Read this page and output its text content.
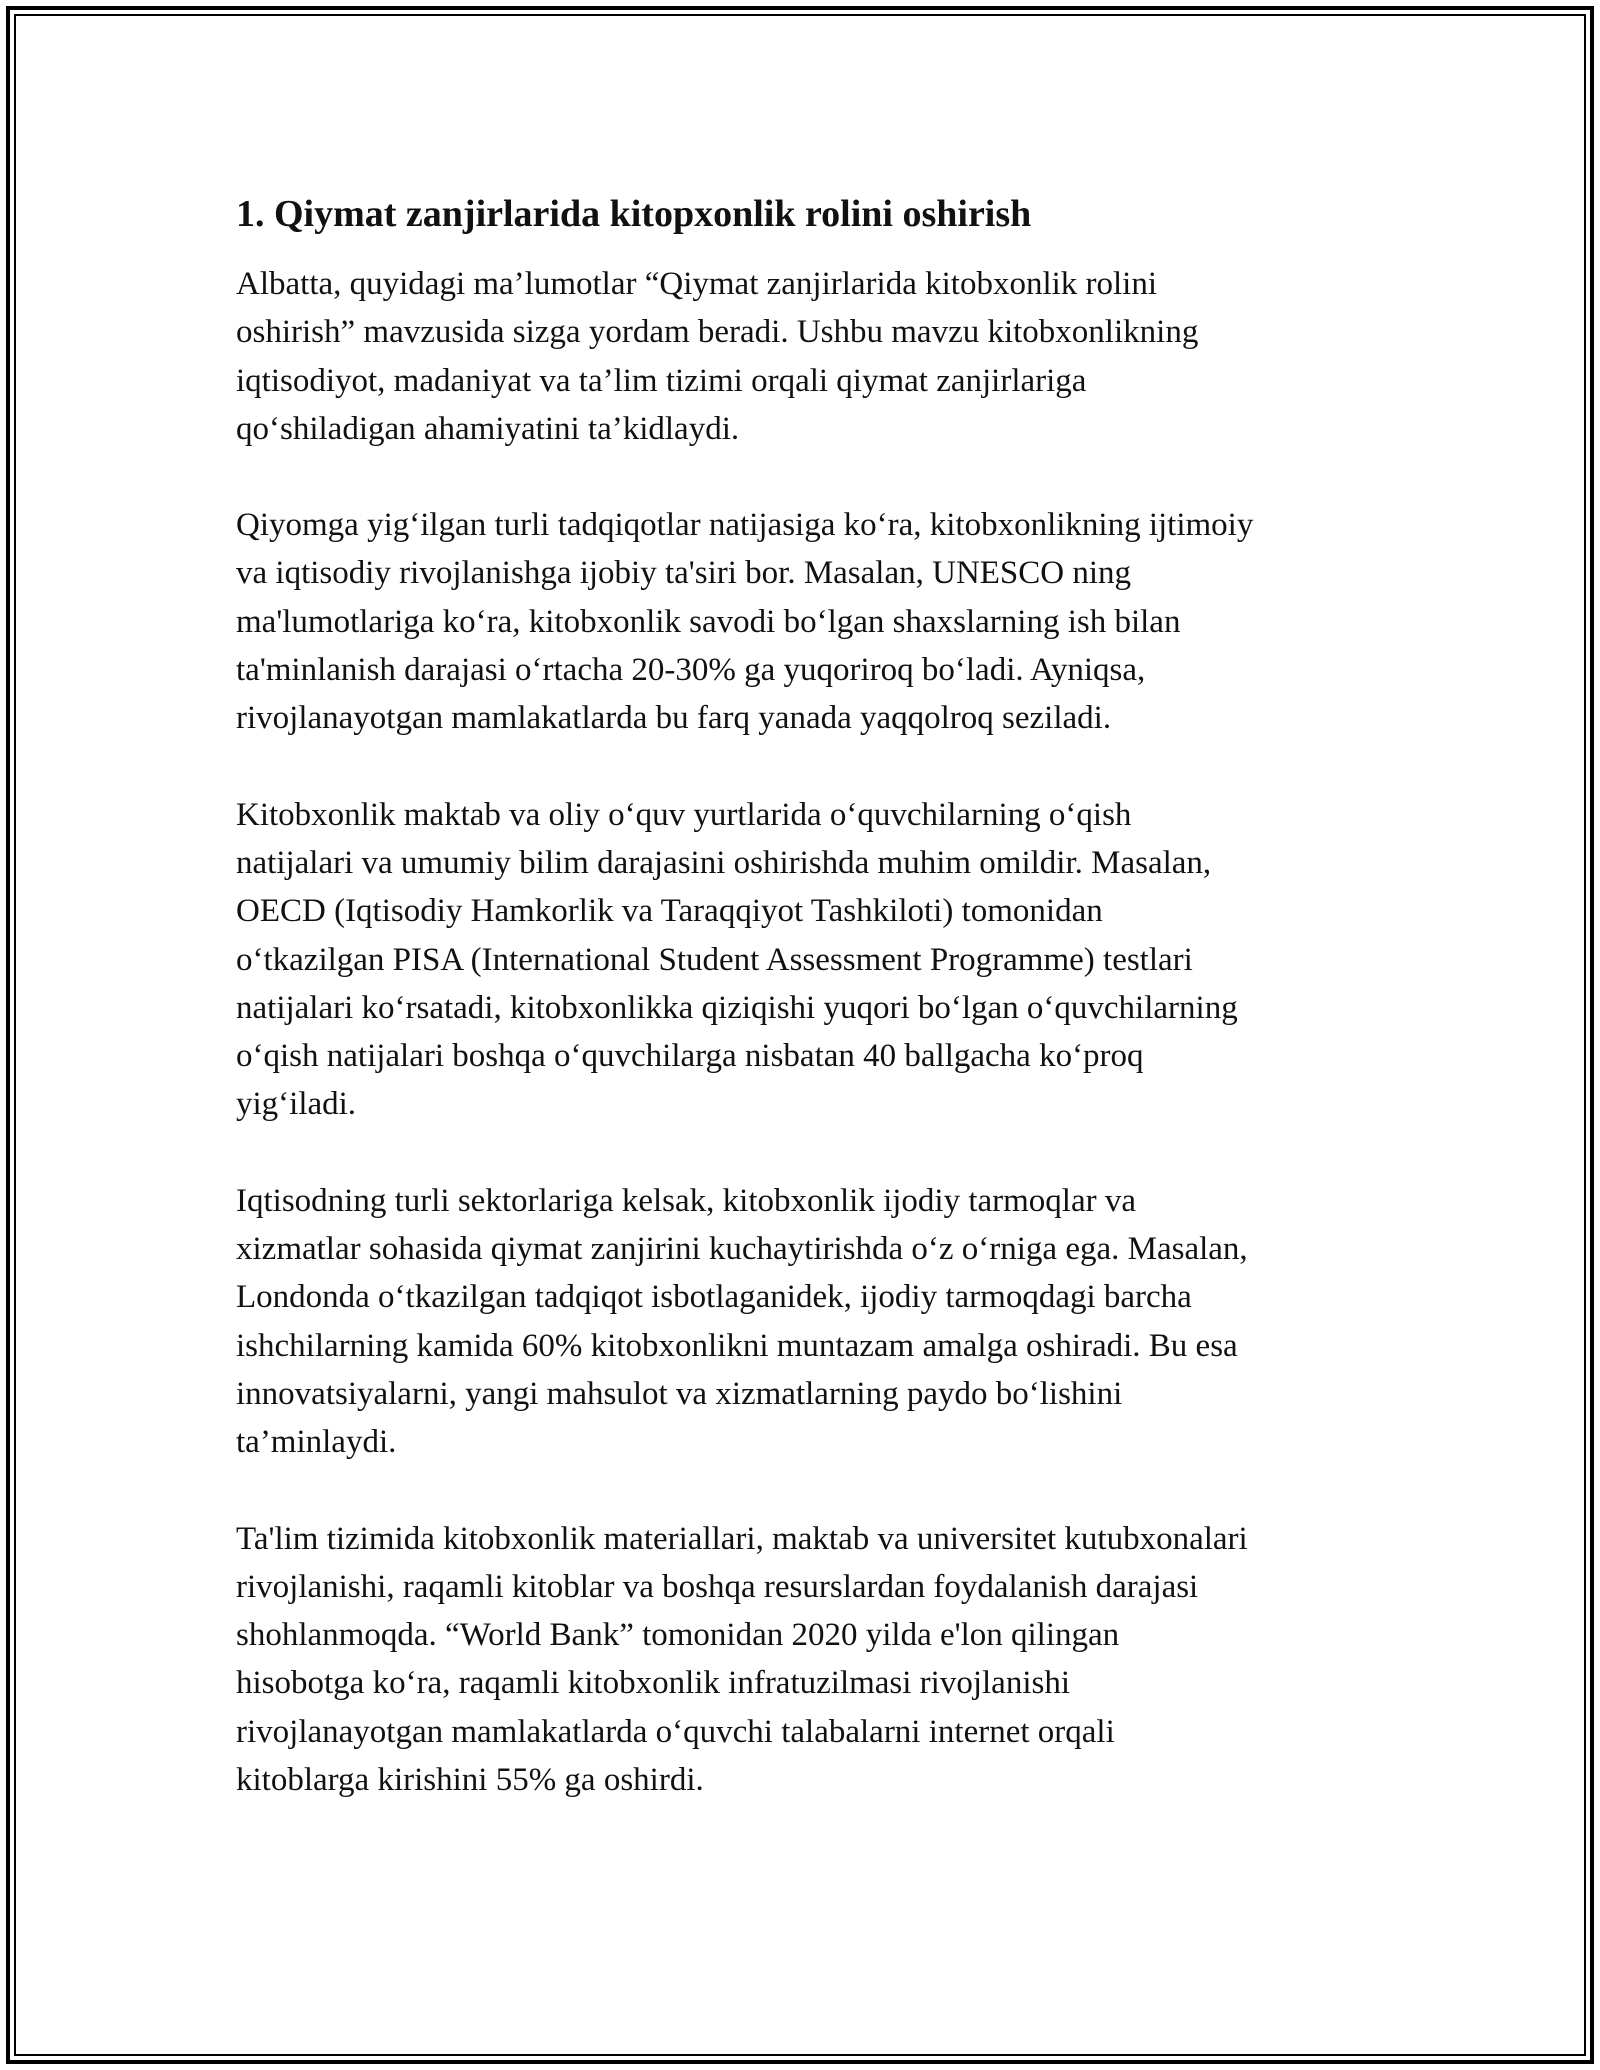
1. Qiymat zanjirlarida kitopxonlik rolini oshirish

Albatta, quyidagi ma’lumotlar “Qiymat zanjirlarida kitobxonlik rolini
oshirish” mavzusida sizga yordam beradi. Ushbu mavzu kitobxonlikning
iqtisodiyot, madaniyat va ta’lim tizimi orqali qiymat zanjirlariga
qo‘shiladigan ahamiyatini ta’kidlaydi.

Qiyomga yig‘ilgan turli tadqiqotlar natijasiga ko‘ra, kitobxonlikning ijtimoiy
va iqtisodiy rivojlanishga ijobiy ta'siri bor. Masalan, UNESCO ning
ma'lumotlariga ko‘ra, kitobxonlik savodi bo‘lgan shaxslarning ish bilan
ta'minlanish darajasi o‘rtacha 20-30% ga yuqoriroq bo‘ladi. Ayniqsa,
rivojlanayotgan mamlakatlarda bu farq yanada yaqqolroq seziladi.

Kitobxonlik maktab va oliy o‘quv yurtlarida o‘quvchilarning o‘qish
natijalari va umumiy bilim darajasini oshirishda muhim omildir. Masalan,
OECD (Iqtisodiy Hamkorlik va Taraqqiyot Tashkiloti) tomonidan
o‘tkazilgan PISA (International Student Assessment Programme) testlari
natijalari ko‘rsatadi, kitobxonlikka qiziqishi yuqori bo‘lgan o‘quvchilarning
o‘qish natijalari boshqa o‘quvchilarga nisbatan 40 ballgacha ko‘proq
yig‘iladi.

Iqtisodning turli sektorlariga kelsak, kitobxonlik ijodiy tarmoqlar va
xizmatlar sohasida qiymat zanjirini kuchaytirishda o‘z o‘rniga ega. Masalan,
Londonda o‘tkazilgan tadqiqot isbotlaganidek, ijodiy tarmoqdagi barcha
ishchilarning kamida 60% kitobxonlikni muntazam amalga oshiradi. Bu esa
innovatsiyalarni, yangi mahsulot va xizmatlarning paydo bo‘lishini
ta’minlaydi.

Ta'lim tizimida kitobxonlik materiallari, maktab va universitet kutubxonalari
rivojlanishi, raqamli kitoblar va boshqa resurslardan foydalanish darajasi
shohlanmoqda. “World Bank” tomonidan 2020 yilda e'lon qilingan
hisobotga ko‘ra, raqamli kitobxonlik infratuzilmasi rivojlanishi
rivojlanayotgan mamlakatlarda o‘quvchi talabalarni internet orqali
kitoblarga kirishini 55% ga oshirdi.
